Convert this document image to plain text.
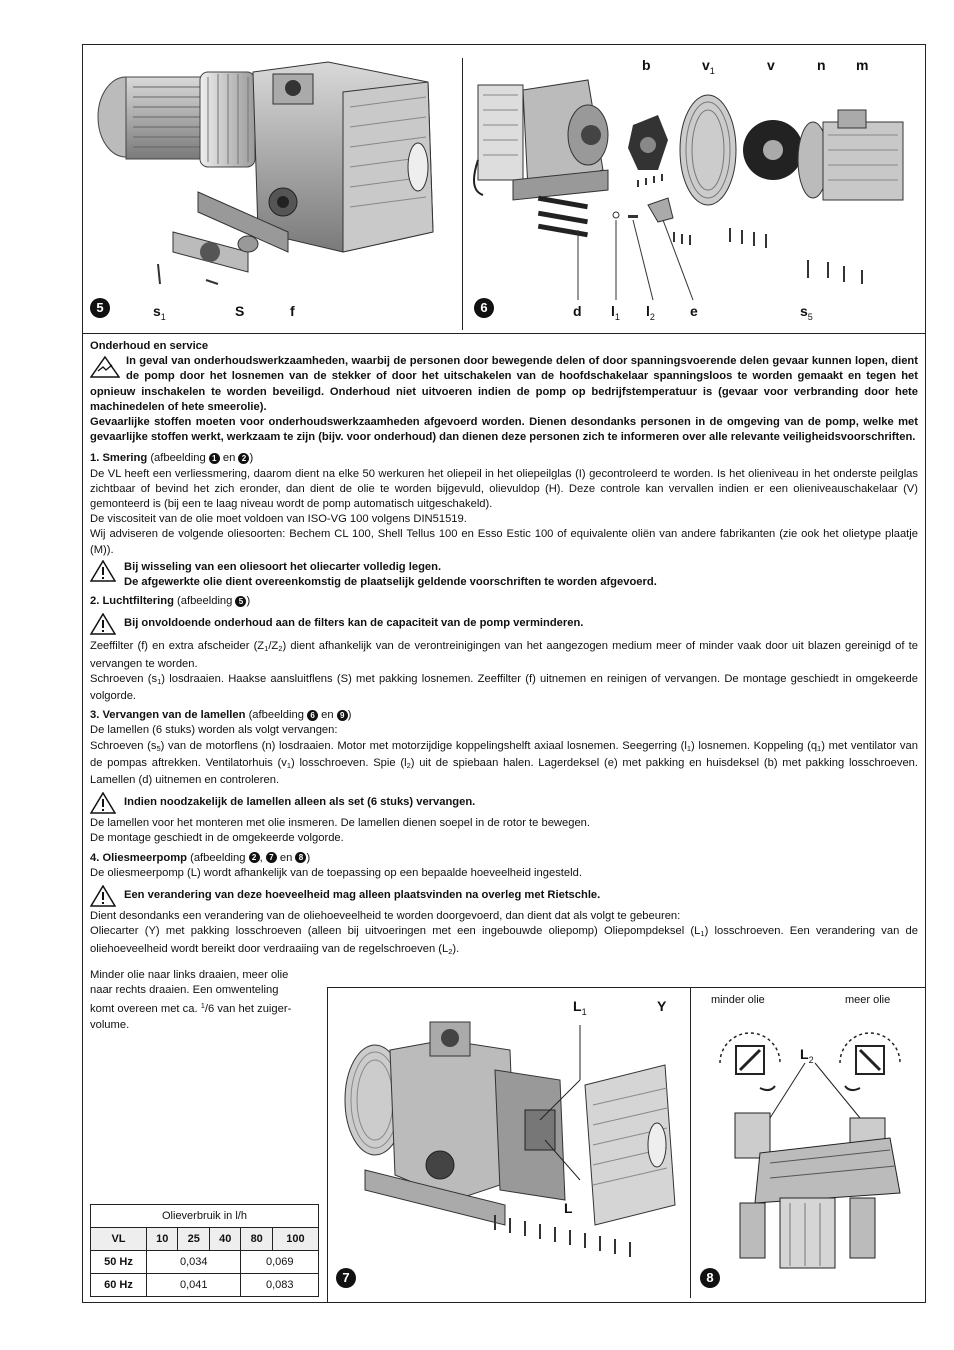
5	$s_1$	S	f	6
b	$v_1$	v	n m
d $l_1$ $l_2$	e	$s_5$

Onderhoud en service

In geval van onderhoudswerkzaamheden, waarbij de personen door bewegende delen of door spanningsvoerende delen gevaar kunnen lopen, dient de pomp door het losnemen van de stekker of door het uitschakelen van de hoofdschakelaar spanningsloos te worden gemaakt en tegen het opnieuw inschakelen te worden beveiligd. Onderhoud niet uitvoeren indien de pomp op bedrijfstemperatuur is (gevaar voor verbranding door hete machinedelen of hete smeerolie).

Gevaarlijke stoffen moeten voor onderhoudswerkzaamheden afgevoerd worden. Dienen desondanks personen in de omgeving van de pomp, welke met gevaarlijke stoffen werkt, werkzaam te zijn (bijv. voor onderhoud) dan dienen deze personen zich te informeren over alle relevante veiligheidsvoorschriften.

1. Smering (afbeelding 1 en 2 )

De VL heeft een verliessmering, daarom dient na elke 50 werkuren het oliepeil in het oliepeilglas (I) gecontroleerd te worden. Is het olieniveau in het onderste peilglas zichtbaar of bevind het zich eronder, dan dient de olie te worden bijgevuld, olievuldop (H). Deze controle kan vervallen indien er een olieniveauschakelaar (V) gemonteerd is (bij een te laag niveau wordt de pomp automatisch uitgeschakeld).

De viscositeit van de olie moet voldoen van ISO-VG 100 volgens DIN51519.

Wij adviseren de volgende oliesoorten: Bechem CL 100, Shell Tellus 100 en Esso Estic 100 of equivalente oliën van andere fabrikanten (zie ook het olietype plaatje (M)).

Bij wisseling van een oliesoort het oliecarter volledig legen.

De afgewerkte olie dient overeenkomstig de plaatselijk geldende voorschriften te worden afgevoerd.

2. Luchtfiltering (afbeelding 5 )

Bij onvoldoende onderhoud aan de filters kan de capaciteit van de pomp verminderen.

Zeeffilter (f) en extra afscheider $(Z_1/Z_2)$ dient afhankelijk van de verontreinigingen van het aangezogen medium meer of minder vaak door uit blazen gereinigd of te vervangen te worden.

Schroeven $(s_1)$ losdraaien. Haakse aansluitflens (S) met pakking losnemen. Zeeffilter (f) uitnemen en reinigen of vervangen. De montage geschiedt in omgekeerde volgorde.

3. Vervangen van de lamellen (afbeelding 6 en 9 )

De lamellen (6 stuks) worden als volgt vervangen:

Schroeven $(s_5)$ van de motorflens (n) losdraaien. Motor met motorzijdige koppelingshelft axiaal losnemen. Seegerring $(l_1)$ losnemen. Koppeling $(q_1)$ met ventilator van de pompas aftrekken. Ventilatorhuis $(v_1)$ losschroeven. Spie $(l_2)$ uit de spiebaan halen. Lagerdeksel (e) met pakking en huisdeksel (b) met pakking losschroeven. Lamellen (d) uitnemen en controleren.

Indien noodzakelijk de lamellen alleen als set (6 stuks) vervangen.

De lamellen voor het monteren met olie insmeren. De lamellen dienen soepel in de rotor te bewegen.

De montage geschiedt in de omgekeerde volgorde.

4. Oliesmeerpomp (afbeelding 2 , 7 en 8 )

De oliesmeerpomp (L) wordt afhankelijk van de toepassing op een bepaalde hoeveelheid ingesteld.

Een verandering van deze hoeveelheid mag alleen plaatsvinden na overleg met Rietschle.

Dient desondanks een verandering van de oliehoeveelheid te worden doorgevoerd, dan dient dat als volgt te gebeuren:

Oliecarter (Y) met pakking losschroeven (alleen bij uitvoeringen met een ingebouwde oliepomp) Oliepompdeksel $(L_1)$ losschroeven. Een verandering van de oliehoeveelheid wordt bereikt door verdraaiing van de regelschroeven $(L_2)$.

Minder olie naar links draaien, meer olie
naar rechts draaien. Een omwenteling
komt overeen met ca. $^1$/6 van het zuiger-
volume.
Olieverbruik in l/h					
VL	10	25	40	80	100
50 Hz	0,034			0,069	
60 Hz	0,041			0,083	
$L_1$	Y
L
7
minder olie	meer olie
$L_2$
8
